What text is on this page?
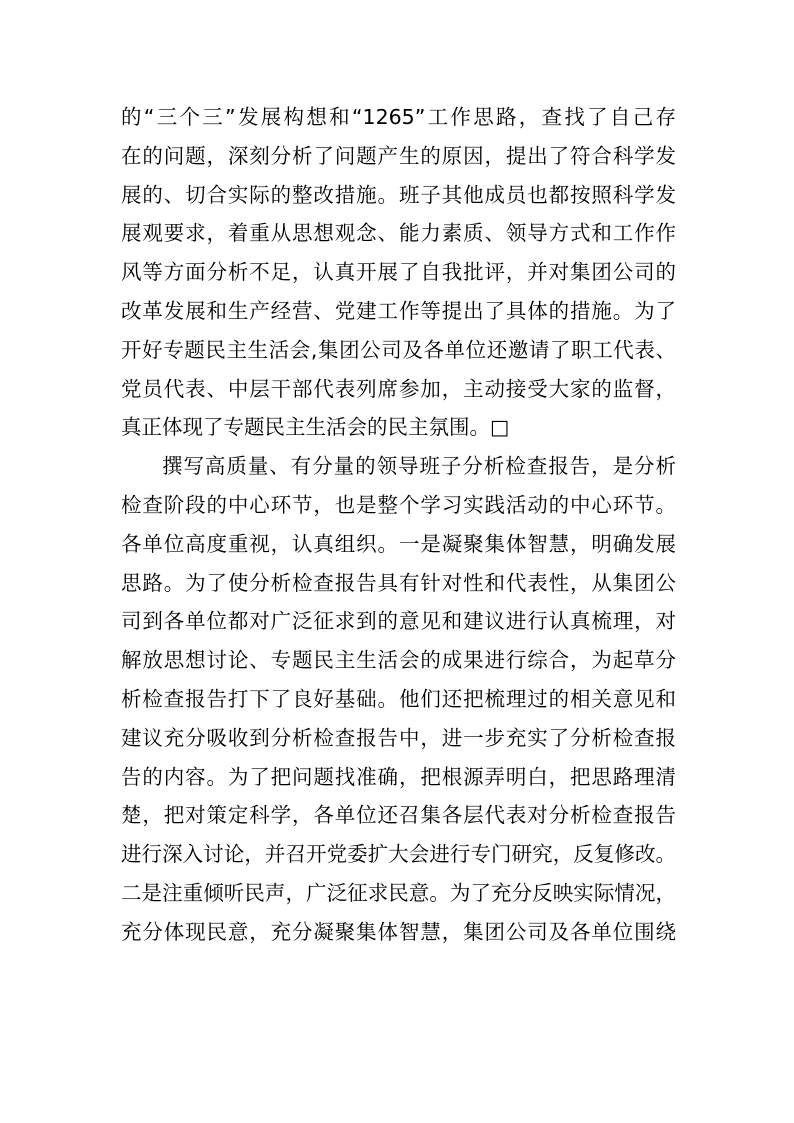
的“三个三”发展构想和“1265”工作思路，查找了自己存
在的问题，深刻分析了问题产生的原因，提出了符合科学发
展的、切合实际的整改措施。班子其他成员也都按照科学发
展观要求，着重从思想观念、能力素质、领导方式和工作作
风等方面分析不足，认真开展了自我批评，并对集团公司的
改革发展和生产经营、党建工作等提出了具体的措施。为了
开好专题民主生活会,集团公司及各单位还邀请了职工代表、
党员代表、中层干部代表列席参加，主动接受大家的监督，
真正体现了专题民主生活会的民主氛围。□
撰写高质量、有分量的领导班子分析检查报告，是分析
检查阶段的中心环节，也是整个学习实践活动的中心环节。
各单位高度重视，认真组织。一是凝聚集体智慧，明确发展
思路。为了使分析检查报告具有针对性和代表性，从集团公
司到各单位都对广泛征求到的意见和建议进行认真梳理，对
解放思想讨论、专题民主生活会的成果进行综合，为起草分
析检查报告打下了良好基础。他们还把梳理过的相关意见和
建议充分吸收到分析检查报告中，进一步充实了分析检查报
告的内容。为了把问题找准确，把根源弄明白，把思路理清
楚，把对策定科学，各单位还召集各层代表对分析检查报告
进行深入讨论，并召开党委扩大会进行专门研究，反复修改。
二是注重倾听民声，广泛征求民意。为了充分反映实际情况，
充分体现民意，充分凝聚集体智慧，集团公司及各单位围绕
